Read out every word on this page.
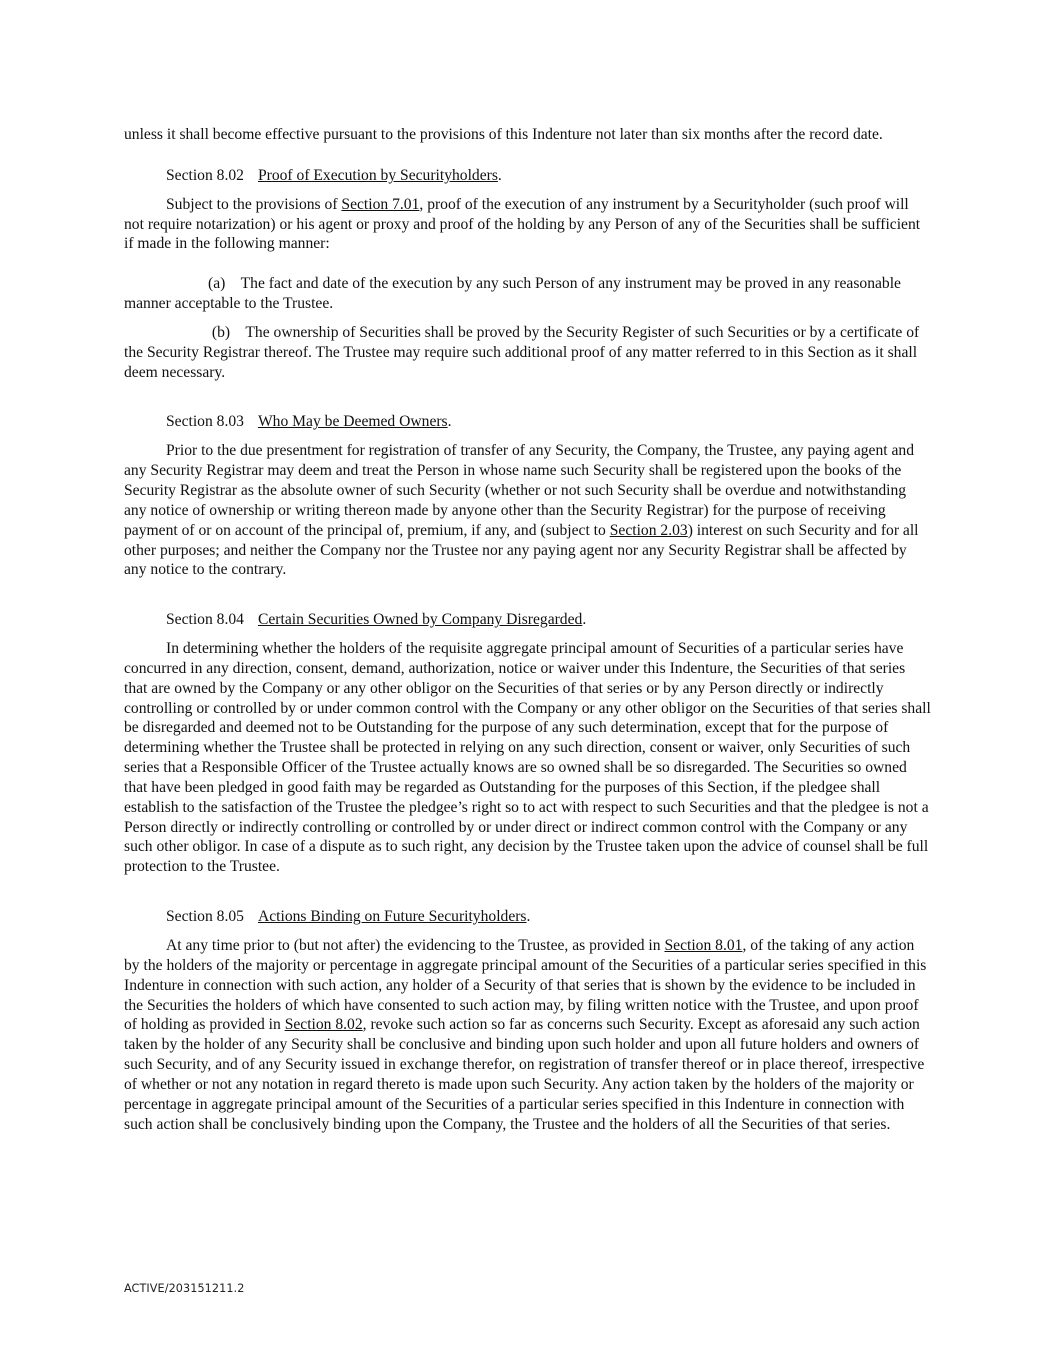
unless it shall become effective pursuant to the provisions of this Indenture not later than six months after the record date.

Section 8.02 Proof of Execution by Securityholders.

Subject to the provisions of Section 7.01, proof of the execution of any instrument by a Securityholder (such proof will not require notarization) or his agent or proxy and proof of the holding by any Person of any of the Securities shall be sufficient if made in the following manner:

(a)    The fact and date of the execution by any such Person of any instrument may be proved in any reasonable manner acceptable to the Trustee.

(b)    The ownership of Securities shall be proved by the Security Register of such Securities or by a certificate of the Security Registrar thereof. The Trustee may require such additional proof of any matter referred to in this Section as it shall deem necessary.

Section 8.03 Who May be Deemed Owners.

Prior to the due presentment for registration of transfer of any Security, the Company, the Trustee, any paying agent and any Security Registrar may deem and treat the Person in whose name such Security shall be registered upon the books of the Security Registrar as the absolute owner of such Security (whether or not such Security shall be overdue and notwithstanding any notice of ownership or writing thereon made by anyone other than the Security Registrar) for the purpose of receiving payment of or on account of the principal of, premium, if any, and (subject to Section 2.03) interest on such Security and for all other purposes; and neither the Company nor the Trustee nor any paying agent nor any Security Registrar shall be affected by any notice to the contrary.

Section 8.04 Certain Securities Owned by Company Disregarded.

In determining whether the holders of the requisite aggregate principal amount of Securities of a particular series have concurred in any direction, consent, demand, authorization, notice or waiver under this Indenture, the Securities of that series that are owned by the Company or any other obligor on the Securities of that series or by any Person directly or indirectly controlling or controlled by or under common control with the Company or any other obligor on the Securities of that series shall be disregarded and deemed not to be Outstanding for the purpose of any such determination, except that for the purpose of determining whether the Trustee shall be protected in relying on any such direction, consent or waiver, only Securities of such series that a Responsible Officer of the Trustee actually knows are so owned shall be so disregarded. The Securities so owned that have been pledged in good faith may be regarded as Outstanding for the purposes of this Section, if the pledgee shall establish to the satisfaction of the Trustee the pledgee’s right so to act with respect to such Securities and that the pledgee is not a Person directly or indirectly controlling or controlled by or under direct or indirect common control with the Company or any such other obligor. In case of a dispute as to such right, any decision by the Trustee taken upon the advice of counsel shall be full protection to the Trustee.

Section 8.05 Actions Binding on Future Securityholders.

At any time prior to (but not after) the evidencing to the Trustee, as provided in Section 8.01, of the taking of any action by the holders of the majority or percentage in aggregate principal amount of the Securities of a particular series specified in this Indenture in connection with such action, any holder of a Security of that series that is shown by the evidence to be included in the Securities the holders of which have consented to such action may, by filing written notice with the Trustee, and upon proof of holding as provided in Section 8.02, revoke such action so far as concerns such Security. Except as aforesaid any such action taken by the holder of any Security shall be conclusive and binding upon such holder and upon all future holders and owners of such Security, and of any Security issued in exchange therefor, on registration of transfer thereof or in place thereof, irrespective of whether or not any notation in regard thereto is made upon such Security. Any action taken by the holders of the majority or percentage in aggregate principal amount of the Securities of a particular series specified in this Indenture in connection with such action shall be conclusively binding upon the Company, the Trustee and the holders of all the Securities of that series.

ACTIVE/203151211.2
